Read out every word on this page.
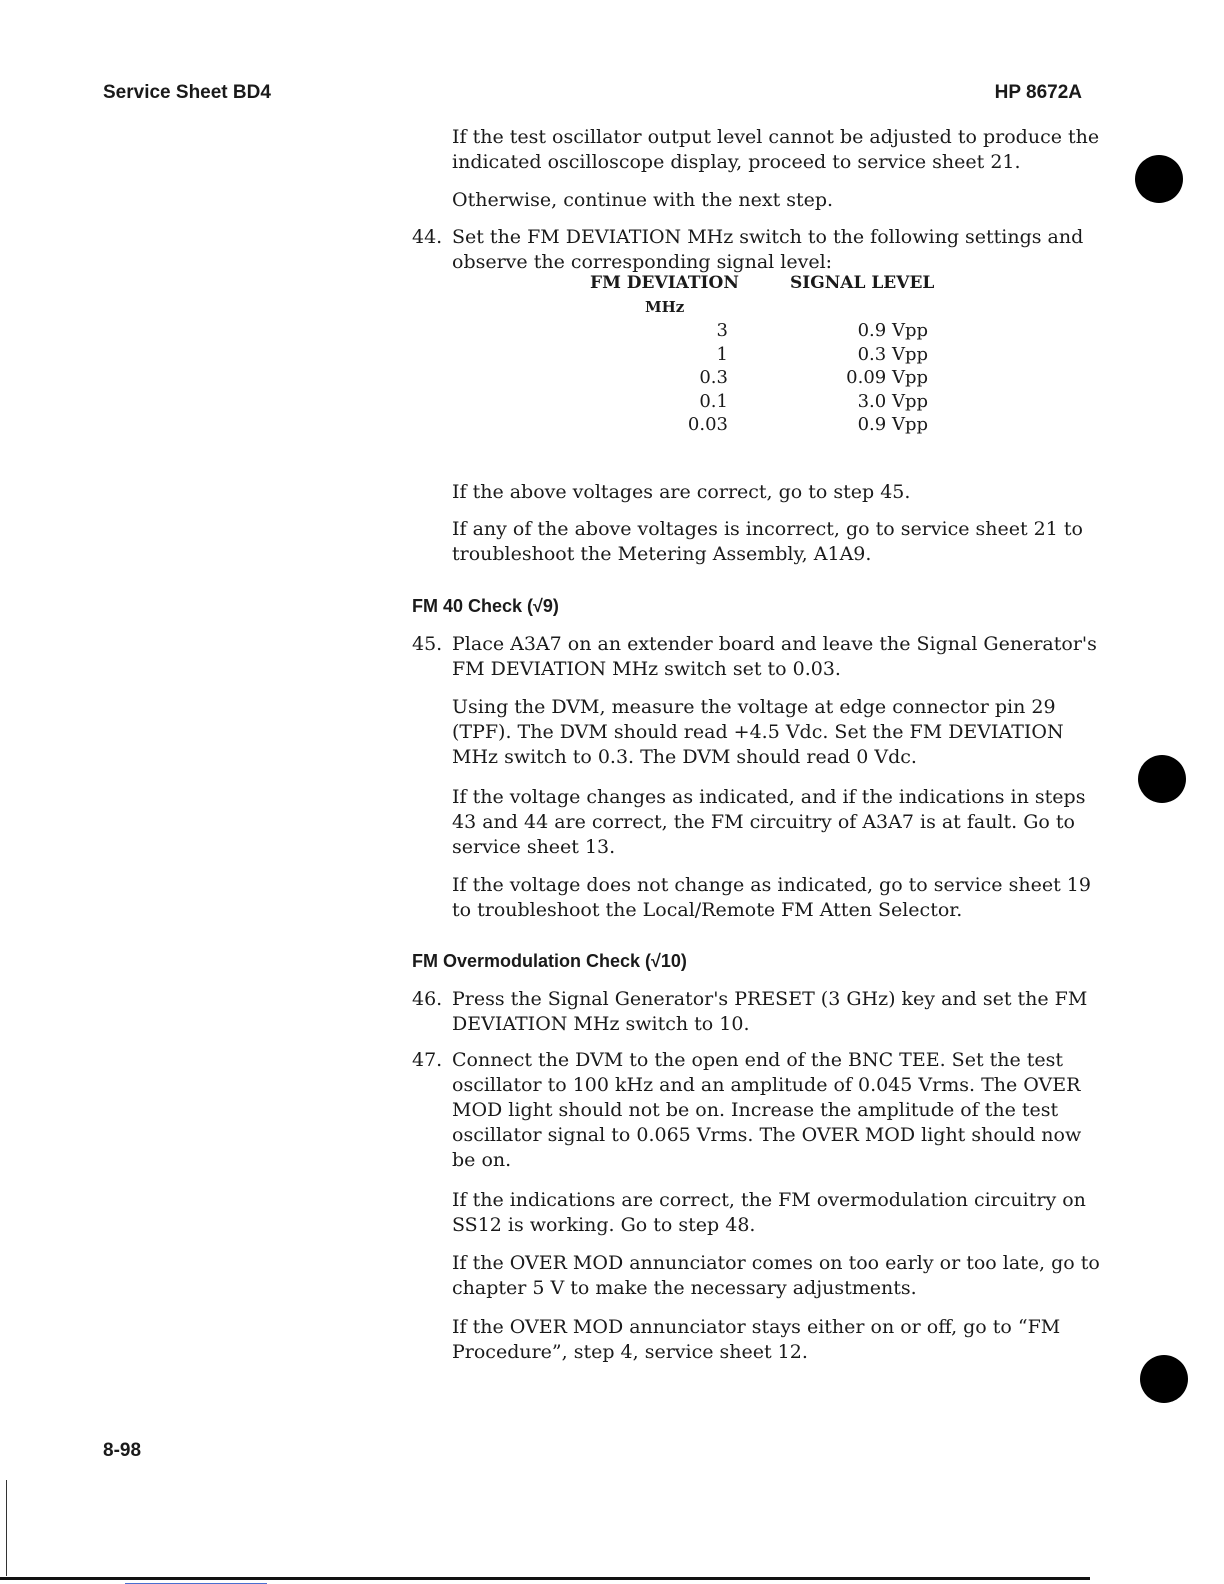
Service Sheet BD4	HP 8672A

If the test oscillator output level cannot be adjusted to produce the indicated oscilloscope display, proceed to service sheet 21.

Otherwise, continue with the next step.

44. Set the FM DEVIATION MHz switch to the following settings and observe the corresponding signal level:
FM DEVIATION	SIGNAL LEVEL
MHz
3	0.9 Vpp
1	0.3 Vpp
0.3	0.09 Vpp
0.1	3.0 Vpp
0.03	0.9 Vpp

If the above voltages are correct, go to step 45.

If any of the above voltages is incorrect, go to service sheet 21 to troubleshoot the Metering Assembly, A1A9.

FM 40 Check (√9)
45. Place A3A7 on an extender board and leave the Signal Generator's FM DEVIATION MHz switch set to 0.03.

Using the DVM, measure the voltage at edge connector pin 29 (TPF). The DVM should read +4.5 Vdc. Set the FM DEVIATION MHz switch to 0.3. The DVM should read 0 Vdc.

If the voltage changes as indicated, and if the indications in steps 43 and 44 are correct, the FM circuitry of A3A7 is at fault. Go to service sheet 13.

If the voltage does not change as indicated, go to service sheet 19 to troubleshoot the Local/Remote FM Atten Selector.

FM Overmodulation Check (√10)
46. Press the Signal Generator's PRESET (3 GHz) key and set the FM DEVIATION MHz switch to 10.
47. Connect the DVM to the open end of the BNC TEE. Set the test oscillator to 100 kHz and an amplitude of 0.045 Vrms. The OVER MOD light should not be on. Increase the amplitude of the test oscillator signal to 0.065 Vrms. The OVER MOD light should now be on.

If the indications are correct, the FM overmodulation circuitry on SS12 is working. Go to step 48.

If the OVER MOD annunciator comes on too early or too late, go to chapter 5 V to make the necessary adjustments.

If the OVER MOD annunciator stays either on or off, go to “FM Procedure”, step 4, service sheet 12.

8-98
